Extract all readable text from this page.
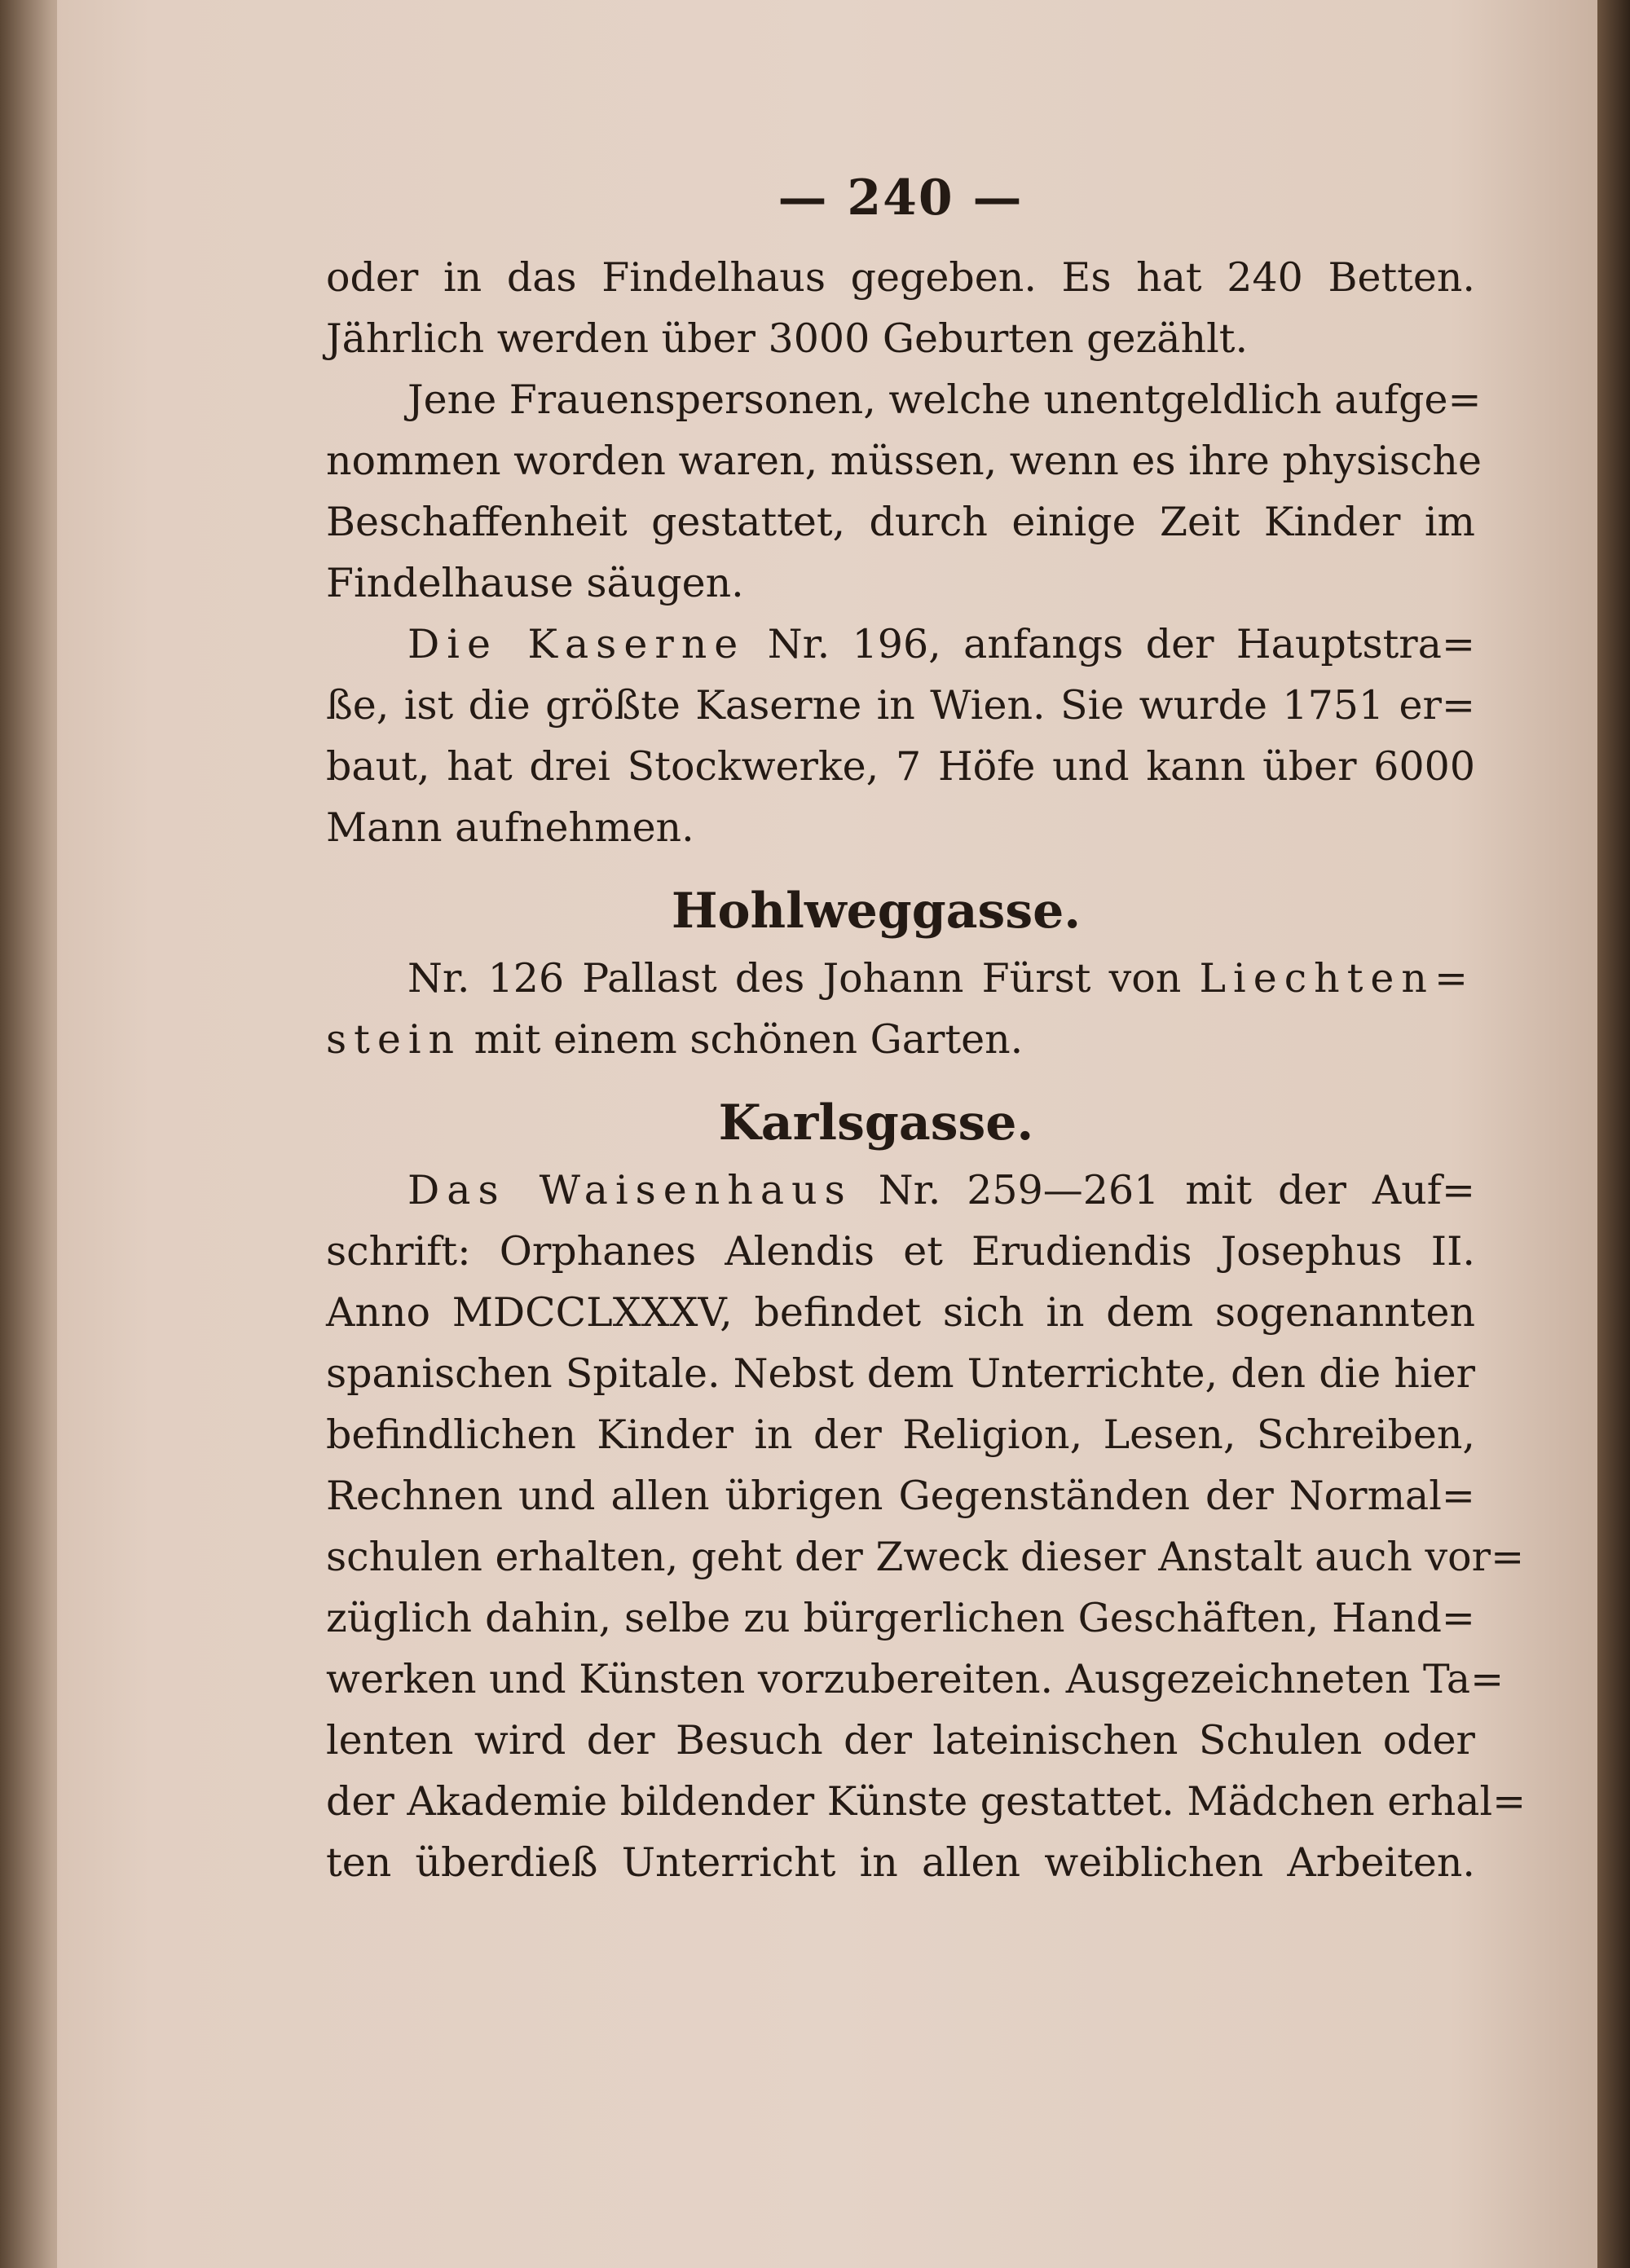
— 240 —
oder in das Findelhaus gegeben. Es hat 240 Betten.
Jährlich werden über 3000 Geburten gezählt.
Jene Frauenspersonen, welche unentgeldlich aufge=
nommen worden waren, müssen, wenn es ihre physische
Beschaffenheit gestattet, durch einige Zeit Kinder im
Findelhause säugen.
Die Kaserne Nr. 196, anfangs der Hauptstra=
ße, ist die größte Kaserne in Wien. Sie wurde 1751 er=
baut, hat drei Stockwerke, 7 Höfe und kann über 6000
Mann aufnehmen.
Hohlweggasse.
Nr. 126 Pallast des Johann Fürst von Liechten=
stein mit einem schönen Garten.
Karlsgasse.
Das Waisenhaus Nr. 259—261 mit der Auf=
schrift: Orphanes Alendis et Erudiendis Josephus II.
Anno MDCCLXXXV, befindet sich in dem sogenannten
spanischen Spitale. Nebst dem Unterrichte, den die hier
befindlichen Kinder in der Religion, Lesen, Schreiben,
Rechnen und allen übrigen Gegenständen der Normal=
schulen erhalten, geht der Zweck dieser Anstalt auch vor=
züglich dahin, selbe zu bürgerlichen Geschäften, Hand=
werken und Künsten vorzubereiten. Ausgezeichneten Ta=
lenten wird der Besuch der lateinischen Schulen oder
der Akademie bildender Künste gestattet. Mädchen erhal=
ten überdieß Unterricht in allen weiblichen Arbeiten.
